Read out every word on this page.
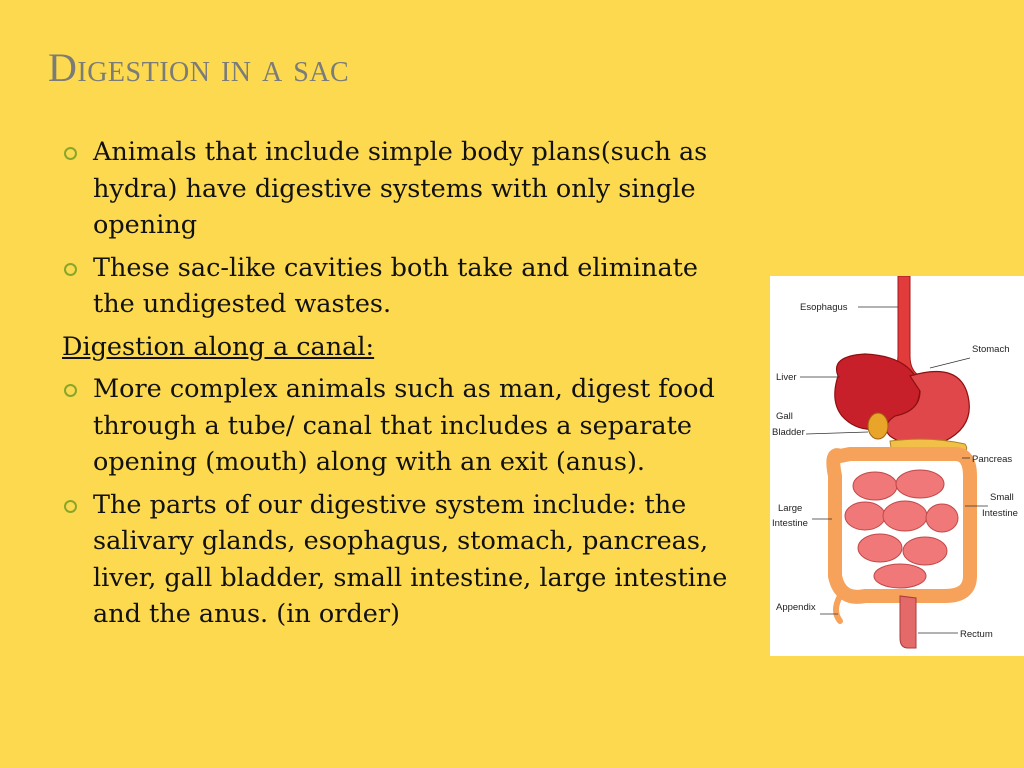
Digestion in a sac
Animals that include simple body plans(such as hydra) have digestive systems with only single opening
These sac-like cavities both take and eliminate the undigested wastes.

Digestion along a canal:

More complex animals such as man, digest food through a tube/ canal that includes a separate opening (mouth) along with an exit (anus).
The parts of our digestive system include: the salivary glands, esophagus, stomach, pancreas, liver, gall bladder, small intestine, large intestine and the anus. (in order)
Esophagus
Stomach
Liver
Gall
Bladder
Pancreas
Large
Intestine
Small
Intestine
Appendix
Rectum
